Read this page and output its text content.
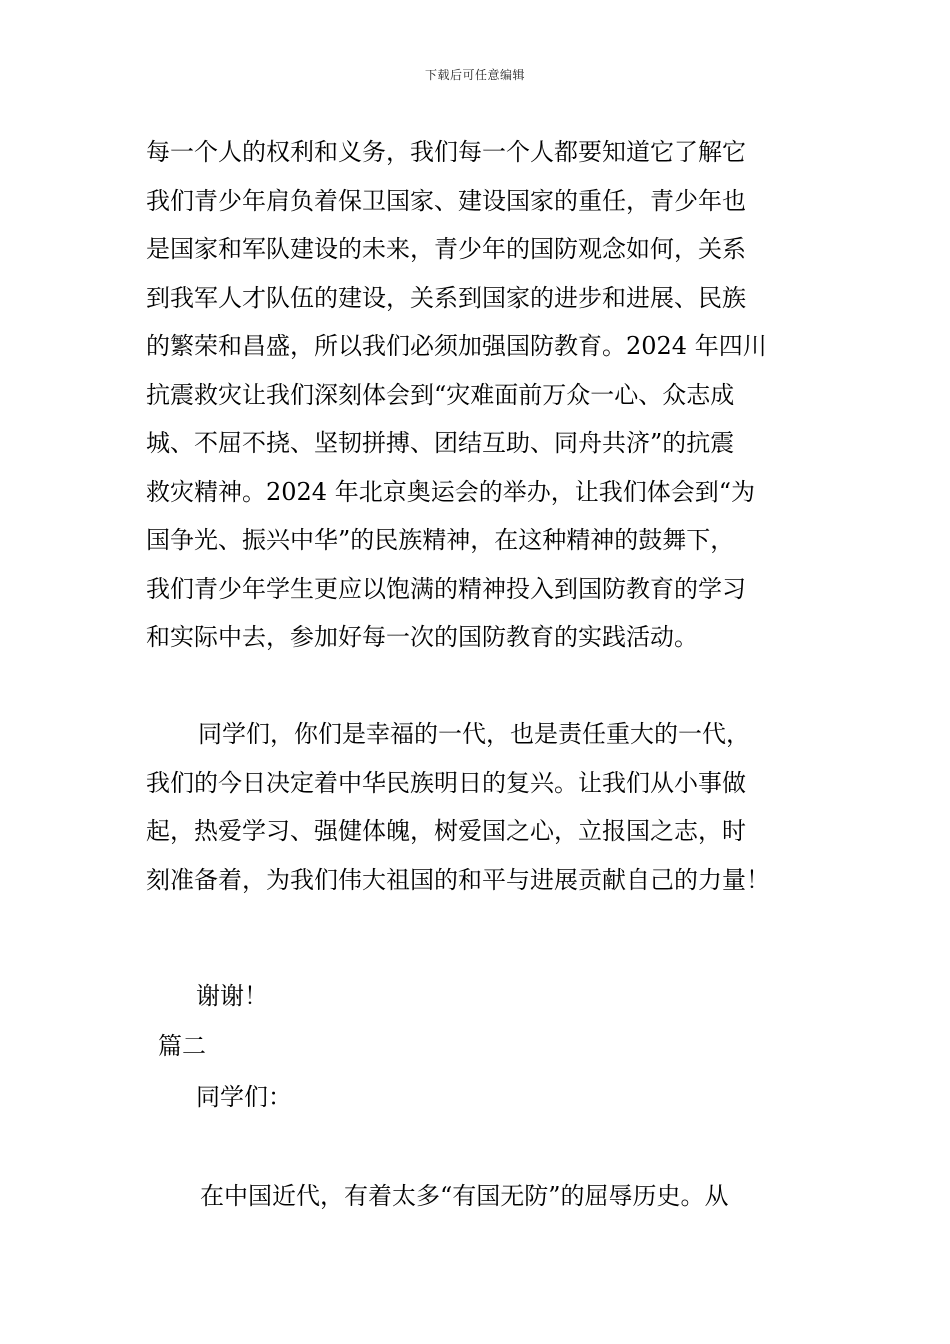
下载后可任意编辑
每一个人的权利和义务，我们每一个人都要知道它了解它
我们青少年肩负着保卫国家、建设国家的重任，青少年也
是国家和军队建设的未来，青少年的国防观念如何，关系
到我军人才队伍的建设，关系到国家的进步和进展、民族
的繁荣和昌盛，所以我们必须加强国防教育。2024 年四川
抗震救灾让我们深刻体会到“灾难面前万众一心、众志成
城、不屈不挠、坚韧拼搏、团结互助、同舟共济”的抗震
救灾精神。2024 年北京奥运会的举办，让我们体会到“为
国争光、振兴中华”的民族精神，在这种精神的鼓舞下，
我们青少年学生更应以饱满的精神投入到国防教育的学习
和实际中去，参加好每一次的国防教育的实践活动。
同学们，你们是幸福的一代，也是责任重大的一代，
我们的今日决定着中华民族明日的复兴。让我们从小事做
起，热爱学习、强健体魄，树爱国之心，立报国之志，时
刻准备着，为我们伟大祖国的和平与进展贡献自己的力量！
谢谢！
篇二
同学们：
在中国近代，有着太多“有国无防”的屈辱历史。从
